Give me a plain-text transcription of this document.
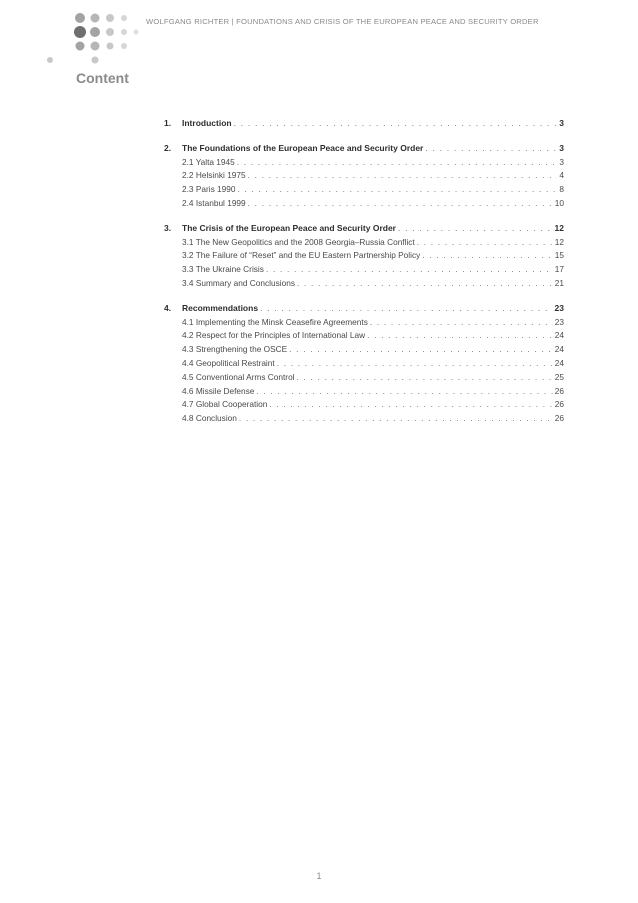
WOLFGANG RICHTER | FOUNDATIONS AND CRISIS OF THE EUROPEAN PEACE AND SECURITY ORDER
Content
1.	Introduction . . .	3
2.	The Foundations of the European Peace and Security Order . . .	3
2.1 Yalta 1945 . . .	3
2.2 Helsinki 1975 . . .	4
2.3 Paris 1990 . . .	8
2.4 Istanbul 1999 . . .	10
3.	The Crisis of the European Peace and Security Order . . .	12
3.1 The New Geopolitics and the 2008 Georgia–Russia Conflict . . .	12
3.2 The Failure of “Reset” and the EU Eastern Partnership Policy . . .	15
3.3 The Ukraine Crisis . . .	17
3.4 Summary and Conclusions . . .	21
4.	Recommendations . . .	23
4.1 Implementing the Minsk Ceasefire Agreements . . .	23
4.2 Respect for the Principles of International Law . . .	24
4.3 Strengthening the OSCE . . .	24
4.4 Geopolitical Restraint . . .	24
4.5 Conventional Arms Control . . .	25
4.6 Missile Defense . . .	26
4.7 Global Cooperation . . .	26
4.8 Conclusion . . .	26
1
